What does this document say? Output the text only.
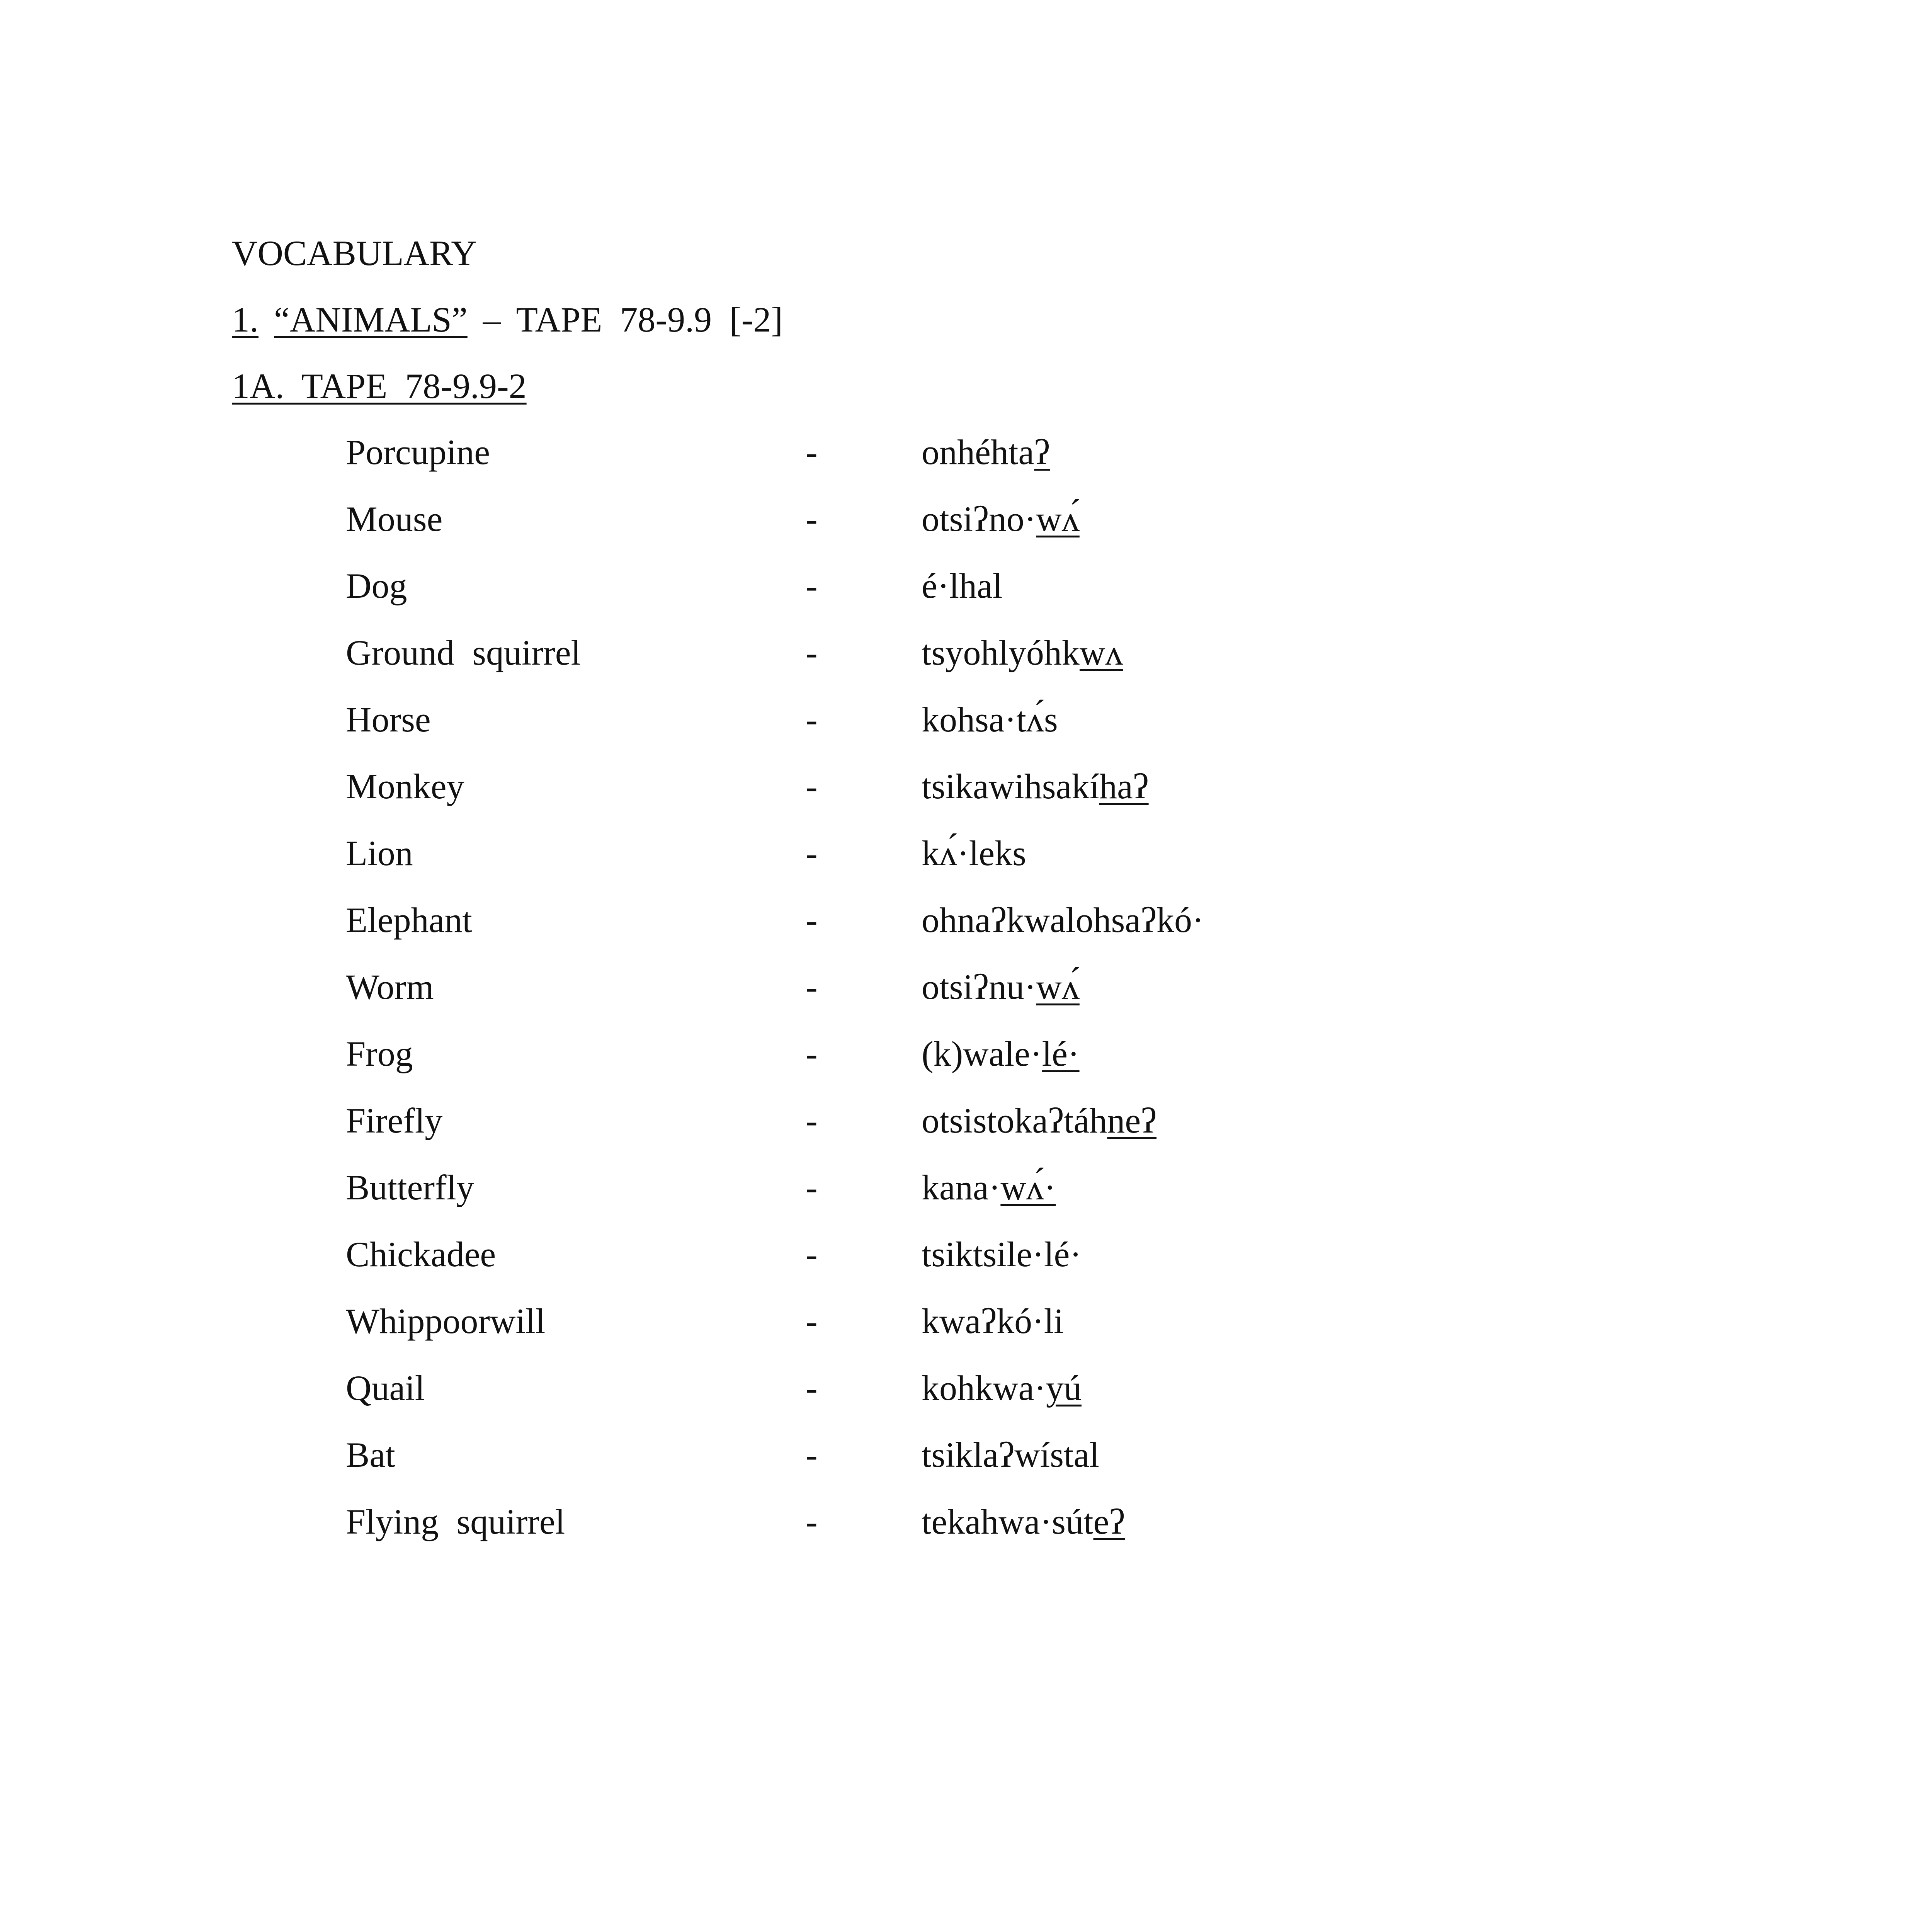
VOCABULARY
1. “ANIMALS” – TAPE  78-9.9  [-2]
1A.  TAPE  78-9.9-2
Porcupine	-	onhéhtaʔ
Mouse	-	otsiʔno·wʌ́
Dog	-	é·lhal
Ground  squirrel	-	tsyohlyóhkwʌ
Horse	-	kohsa·tʌ́s
Monkey	-	tsikawihsakíhaʔ
Lion	-	kʌ́·leks
Elephant	-	ohnaʔkwalohsaʔkó·
Worm	-	otsiʔnu·wʌ́
Frog	-	(k)wale·lé·
Firefly	-	otsistokaʔtáhneʔ
Butterfly	-	kana·wʌ́·
Chickadee	-	tsiktsile·lé·
Whippoorwill	-	kwaʔkó·li
Quail	-	kohkwa·yú
Bat	-	tsiklaʔwístal
Flying  squirrel	-	tekahwa·súteʔ
